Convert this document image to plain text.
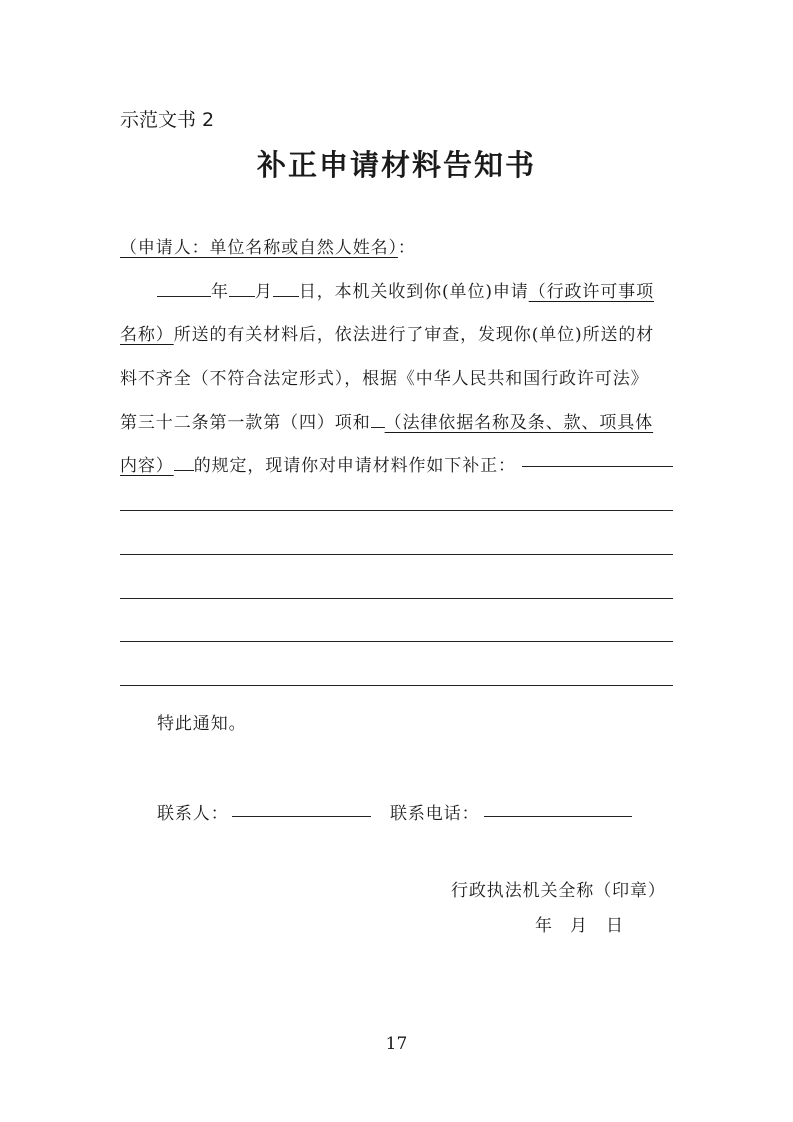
示范文书 2
补正申请材料告知书
（申请人：单位名称或自然人姓名）：
年 月 日，本机关收到你(单位)申请（行政许可事项
名称）所送的有关材料后，依法进行了审查，发现你(单位)所送的材
料不齐全（不符合法定形式），根据《中华人民共和国行政许可法》
第三十二条第一款第（四）项和 （法律依据名称及条、款、项具体
内容） 的规定，现请你对申请材料作如下补正：
特此通知。
联系人：	联系电话：
行政执法机关全称（印章）
年 月 日
17
